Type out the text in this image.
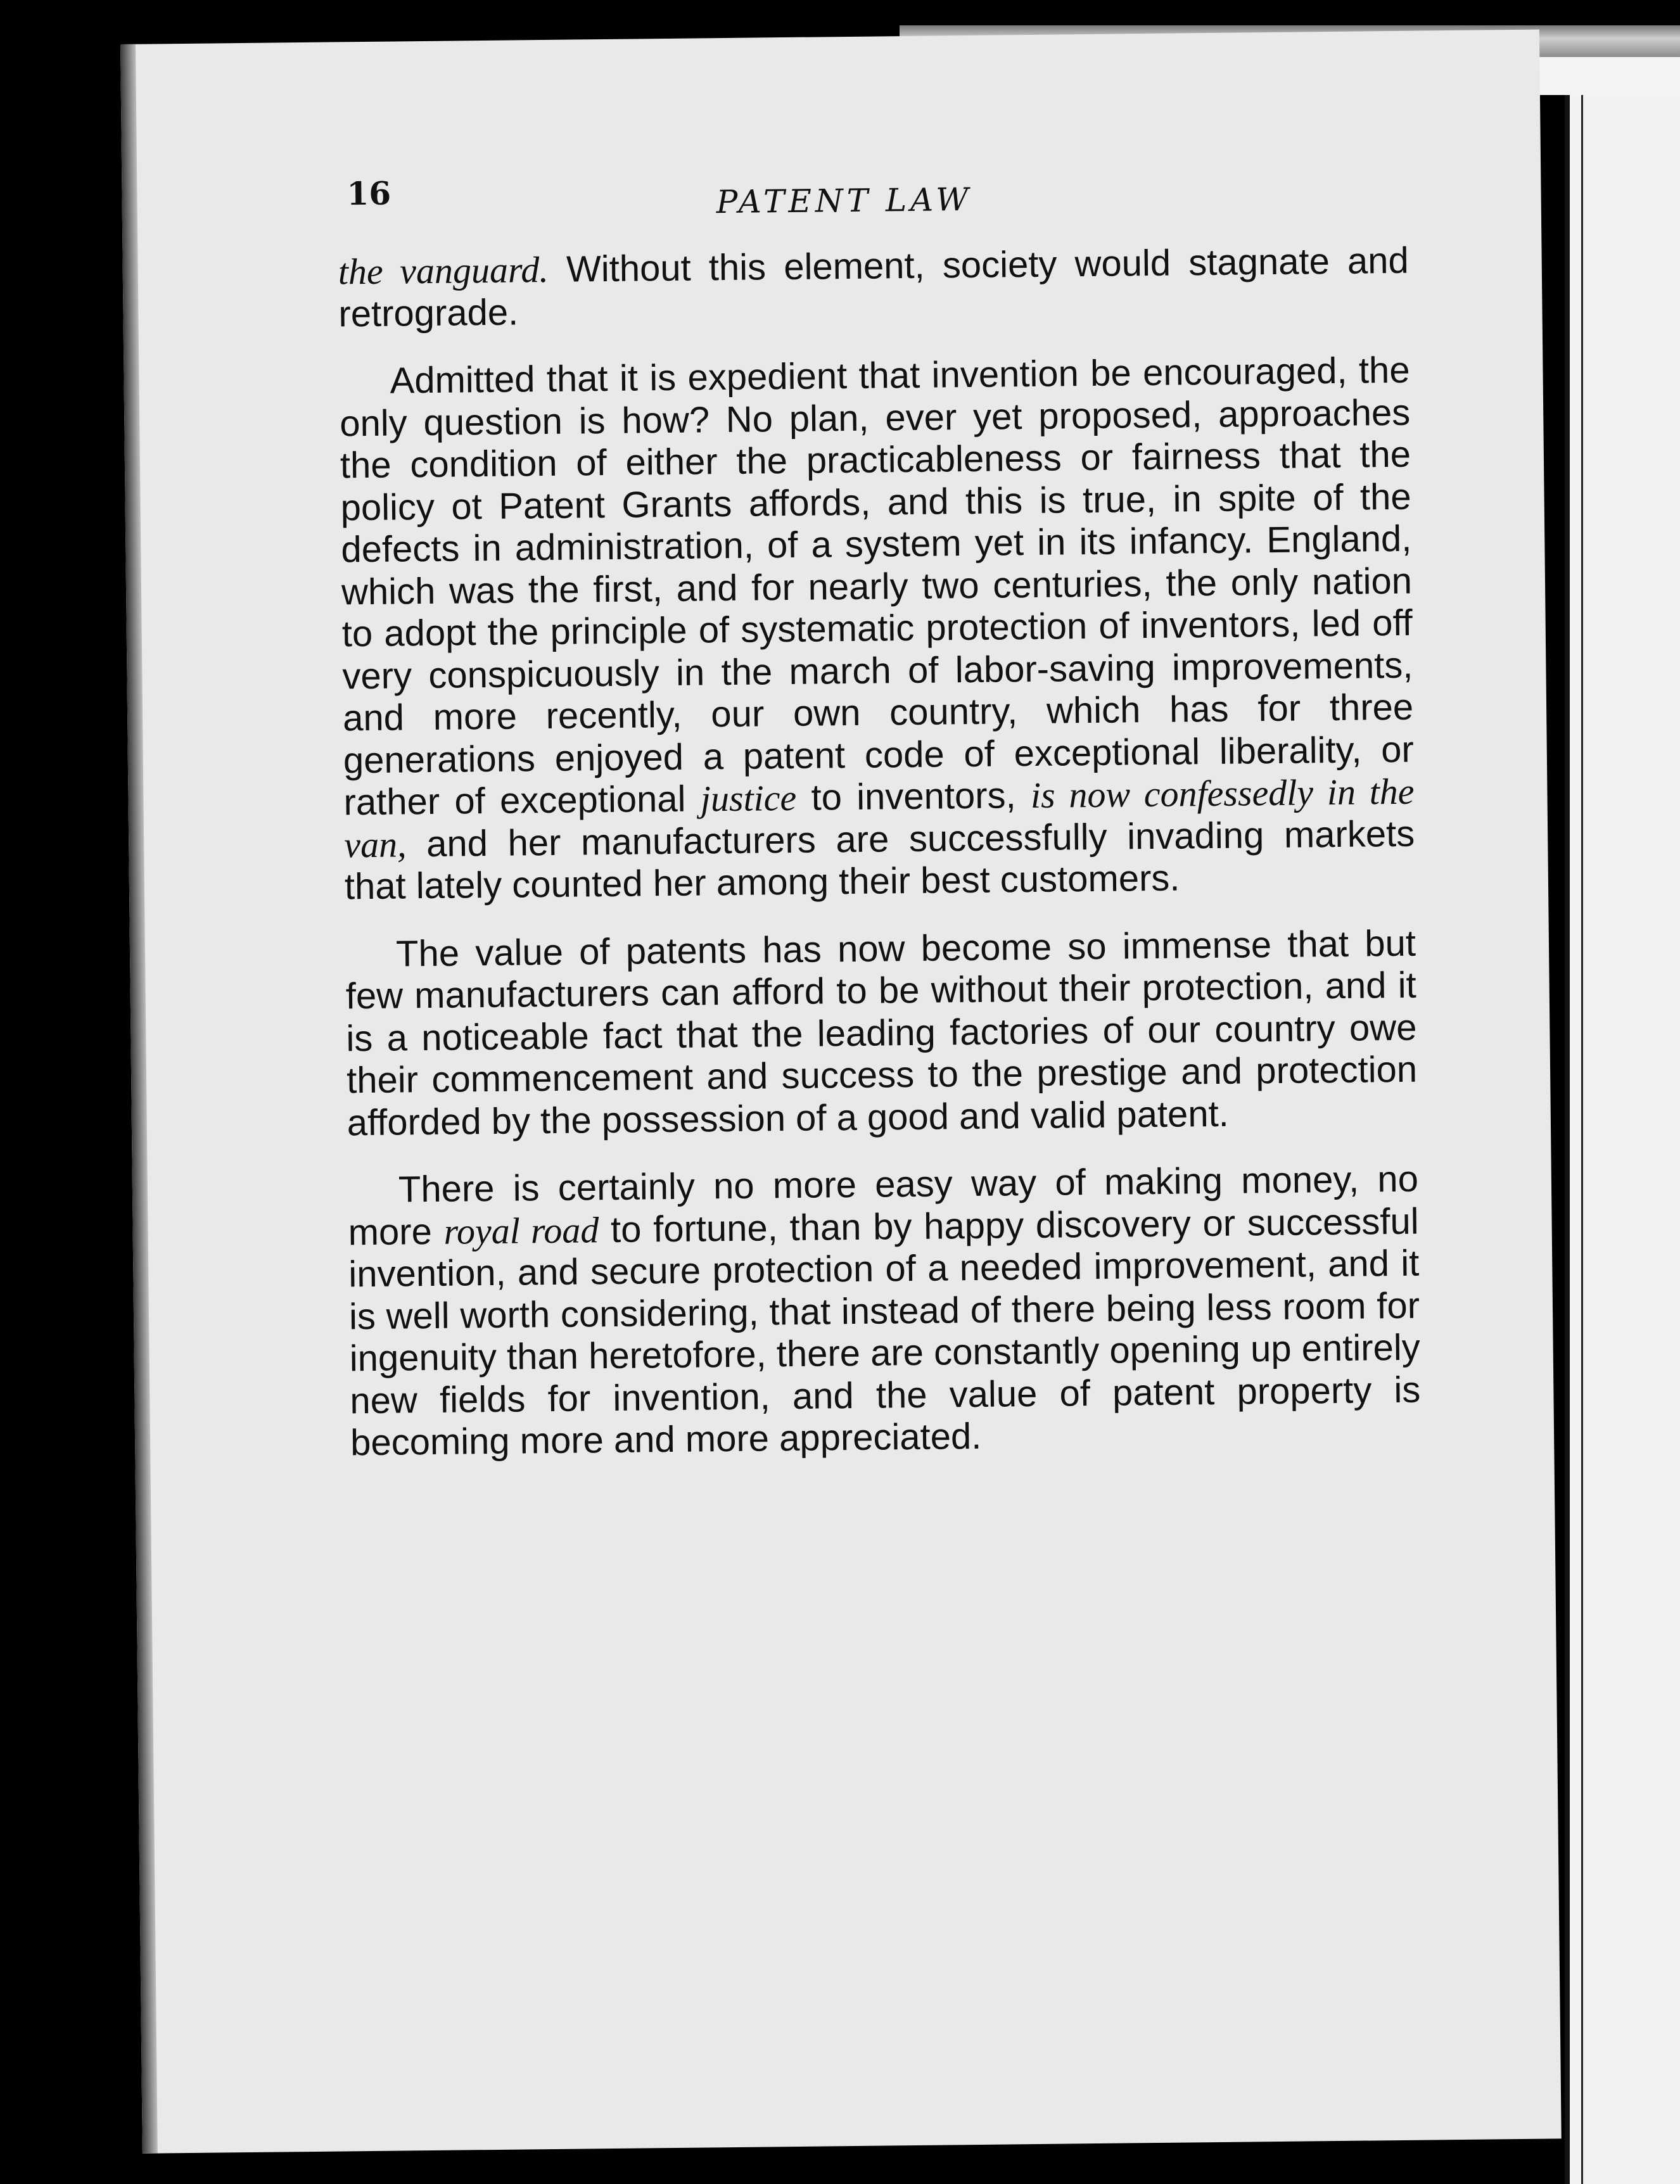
16	PATENT LAW

the vanguard. Without this element, society would stagnate and retrograde.

Admitted that it is expedient that invention be encouraged, the only question is how? No plan, ever yet proposed, approaches the condition of either the practicableness or fairness that the policy ot Patent Grants affords, and this is true, in spite of the defects in administration, of a system yet in its infancy. England, which was the first, and for nearly two centuries, the only nation to adopt the principle of systematic protection of inventors, led off very conspicuously in the march of labor-saving improvements, and more recently, our own country, which has for three generations enjoyed a patent code of exceptional liberality, or rather of exceptional justice to inventors, is now confessedly in the van, and her manufacturers are successfully invading markets that lately counted her among their best customers.

The value of patents has now become so immense that but few manufacturers can afford to be without their protection, and it is a noticeable fact that the leading factories of our country owe their commencement and success to the prestige and protection afforded by the possession of a good and valid patent.

There is certainly no more easy way of making money, no more royal road to fortune, than by happy discovery or successful invention, and secure protection of a needed improvement, and it is well worth considering, that instead of there being less room for ingenuity than heretofore, there are constantly opening up entirely new fields for invention, and the value of patent property is becoming more and more appreciated.
